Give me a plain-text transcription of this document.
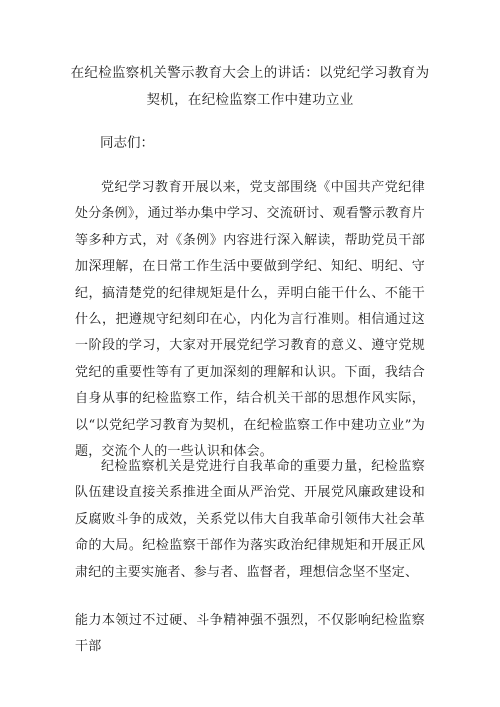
在纪检监察机关警示教育大会上的讲话：以党纪学习教育为
契机，在纪检监察工作中建功立业
同志们：

党纪学习教育开展以来，党支部围绕《中国共产党纪律处分条例》，通过举办集中学习、交流研讨、观看警示教育片等多种方式，对《条例》内容进行深入解读，帮助党员干部加深理解，在日常工作生活中要做到学纪、知纪、明纪、守纪，搞清楚党的纪律规矩是什么，弄明白能干什么、不能干什么，把遵规守纪刻印在心，内化为言行准则。相信通过这一阶段的学习，大家对开展党纪学习教育的意义、遵守党规党纪的重要性等有了更加深刻的理解和认识。下面，我结合自身从事的纪检监察工作，结合机关干部的思想作风实际，以“以党纪学习教育为契机，在纪检监察工作中建功立业”为题，交流个人的一些认识和体会。

纪检监察机关是党进行自我革命的重要力量，纪检监察队伍建设直接关系推进全面从严治党、开展党风廉政建设和反腐败斗争的成效，关系党以伟大自我革命引领伟大社会革命的大局。纪检监察干部作为落实政治纪律规矩和开展正风肃纪的主要实施者、参与者、监督者，理想信念坚不坚定、

能力本领过不过硬、斗争精神强不强烈，不仅影响纪检监察干部
